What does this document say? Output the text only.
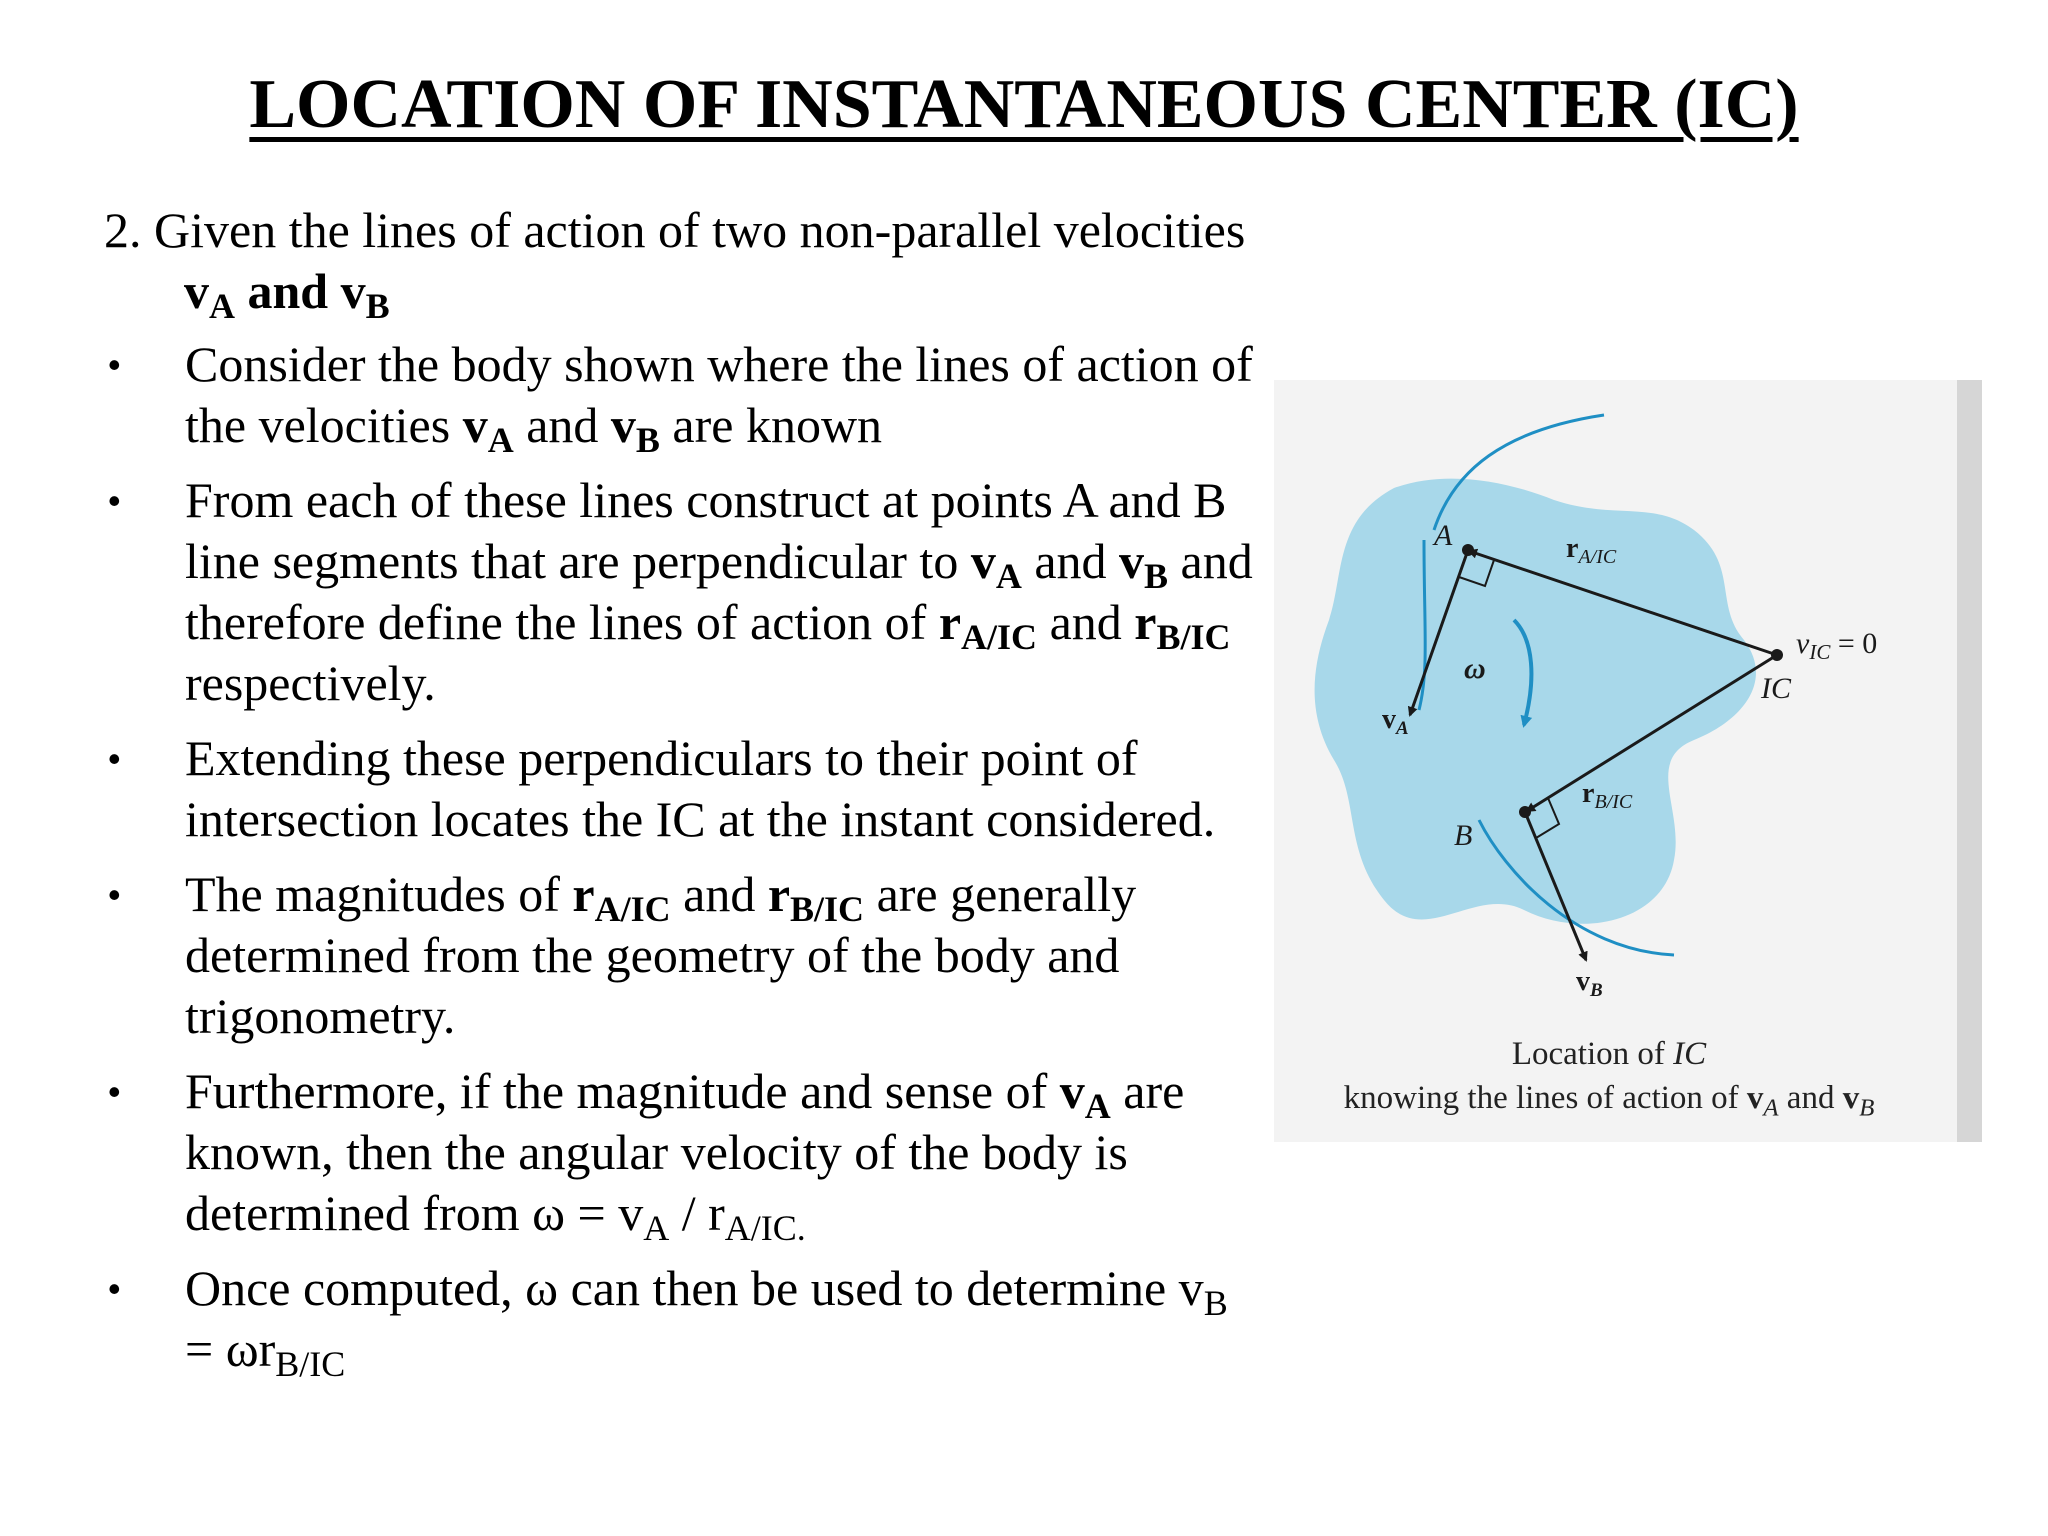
LOCATION OF INSTANTANEOUS CENTER (IC)

2. Given the lines of action of two non-parallel velocities $v_A$ and $v_B$

• Consider the body shown where the lines of action of the velocities $v_A$ and $v_B$ are known
• From each of these lines construct at points A and B line segments that are perpendicular to $v_A$ and $v_B$ and therefore define the lines of action of $r_{A/IC}$ and $r_{B/IC}$ respectively.
• Extending these perpendiculars to their point of intersection locates the IC at the instant considered.
• The magnitudes of $r_{A/IC}$ and $r_{B/IC}$ are generally determined from the geometry of the body and trigonometry.
• Furthermore, if the magnitude and sense of $v_A$ are known, then the angular velocity of the body is determined from $\omega = v_A / r_{A/IC.}$
• Once computed, ω can then be used to determine $v_B = \omega r_{B/IC}$
A
B
IC
ω
$v_{IC} = 0$
$v_A$
$v_B$
$r_{A/IC}$
$r_{B/IC}$
Location of IC
knowing the lines of action of $v_A$ and $v_B$
